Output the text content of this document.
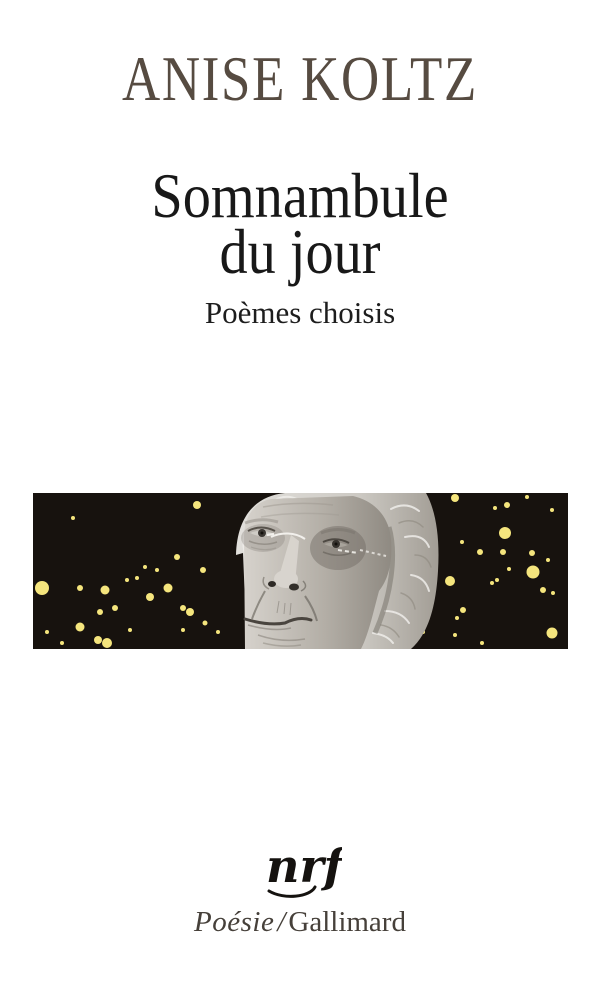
ANISE KOLTZ
Somnambule
du jour
Poèmes choisis
nrf
Poésie / Gallimard
